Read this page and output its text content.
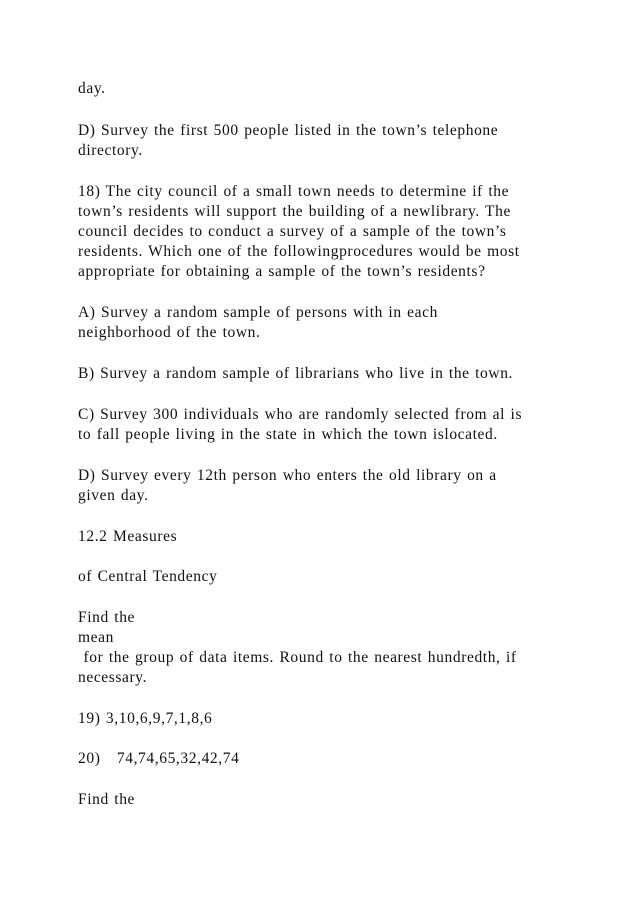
day.

D) Survey the first 500 people listed in the town’s telephone

directory.

18) The city council of a small town needs to determine if the

town’s residents will support the building of a newlibrary. The

council decides to conduct a survey of a sample of the town’s

residents. Which one of the followingprocedures would be most

appropriate for obtaining a sample of the town’s residents?

A) Survey a random sample of persons with in each

neighborhood of the town.

B) Survey a random sample of librarians who live in the town.

C) Survey 300 individuals who are randomly selected from al is

to fall people living in the state in which the town islocated.

D) Survey every 12th person who enters the old library on a

given day.

12.2 Measures

of Central Tendency

Find the

mean

for the group of data items. Round to the nearest hundredth, if

necessary.

19) 3,10,6,9,7,1,8,6

20)   74,74,65,32,42,74

Find the
